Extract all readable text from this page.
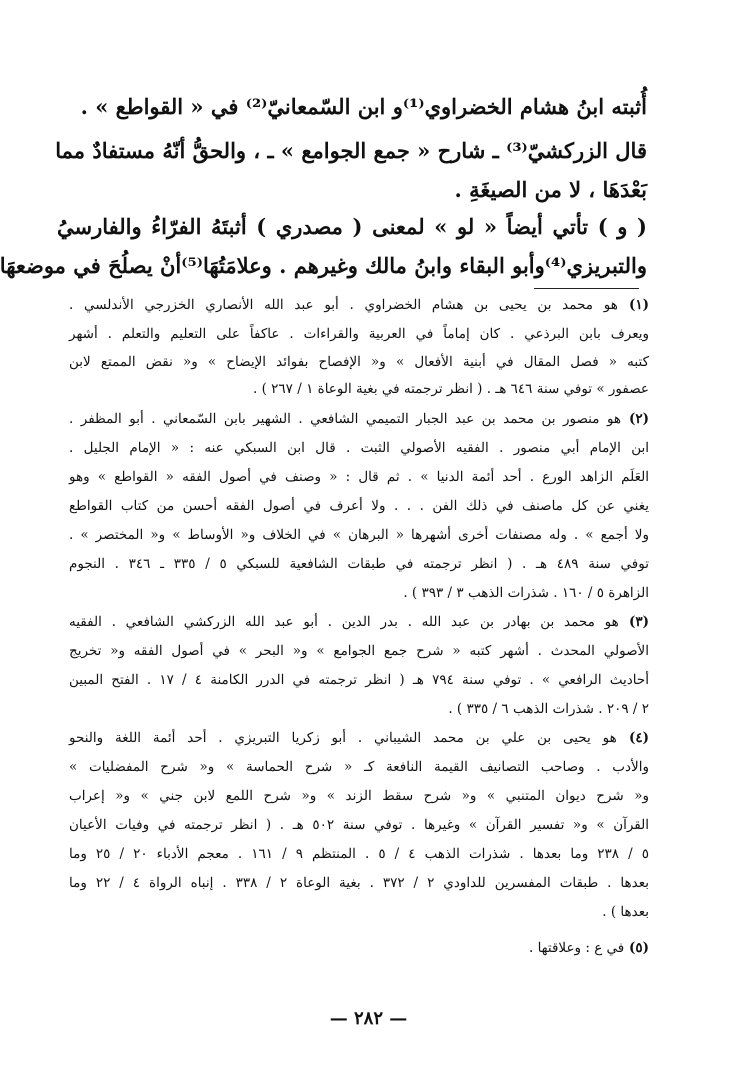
أُثبته ابنُ هشام الخضراوي⁽¹⁾و ابن السّمعانيّ⁽²⁾ في « القواطع » .
قال الزركشيّ⁽³⁾ ـ شارح « جمع الجوامع » ـ ، والحقُّ أنّهُ مستفادٌ مما
بَعْدَهَا ، لا من الصيغَةِ .
( و ) تأتي أيضاً « لو » لمعنى ( مصدري ) أثبتَهُ الفرّاءُ والفارسيُ
والتبريزي⁽⁴⁾وأبو البقاء وابنُ مالك وغيرهم . وعلامَتُهَا⁽⁵⁾أنْ يصلُحَ في موضعهَا
(١) هو محمد بن يحيى بن هشام الخضراوي . أبو عبد الله الأنصاري الخزرجي الأندلسي .
ويعرف بابن البرذعي . كان إماماً في العربية والقراءات . عاكفاً على التعليم والتعلم . أشهر
كتبه « فصل المقال في أبنية الأفعال » و« الإفصاح بفوائد الإيضاح » و« نقض الممتع لابن
عصفور » توفي سنة ٦٤٦ هـ . ( انظر ترجمته في بغية الوعاة ١ / ٢٦٧ ) .
(٢) هو منصور بن محمد بن عبد الجبار التميمي الشافعي . الشهير بابن السّمعاني . أبو المظفر .
ابن الإمام أبي منصور . الفقيه الأصولي الثبت . قال ابن السبكي عنه : « الإمام الجليل .
العَلَم الزاهد الورع . أحد أئمة الدنيا » . ثم قال : « وصنف في أصول الفقه « القواطع » وهو
يغني عن كل ماصنف في ذلك الفن . . . ولا أعرف في أصول الفقه أحسن من كتاب القواطع
ولا أجمع » . وله مصنفات أخرى أشهرها « البرهان » في الخلاف و« الأوساط » و« المختصر » .
توفي سنة ٤٨٩ هـ . ( انظر ترجمته في طبقات الشافعية للسبكي ٥ / ٣٣٥ ـ ٣٤٦ . النجوم
الزاهرة ٥ / ١٦٠ . شذرات الذهب ٣ / ٣٩٣ ) .
(٣) هو محمد بن بهادر بن عبد الله . بدر الدين . أبو عبد الله الزركشي الشافعي . الفقيه
الأصولي المحدث . أشهر كتبه « شرح جمع الجوامع » و« البحر » في أصول الفقه و« تخريج
أحاديث الرافعي » . توفي سنة ٧٩٤ هـ ( انظر ترجمته في الدرر الكامنة ٤ / ١٧ . الفتح المبين
٢ / ٢٠٩ . شذرات الذهب ٦ / ٣٣٥ ) .
(٤) هو يحيى بن علي بن محمد الشيباني . أبو زكريا التبريزي . أحد أئمة اللغة والنحو
والأدب . وصاحب التصانيف القيمة النافعة كـ « شرح الحماسة » و« شرح المفضليات »
و« شرح ديوان المتنبي » و« شرح سقط الزند » و« شرح اللمع لابن جني » و« إعراب
القرآن » و« تفسير القرآن » وغيرها . توفي سنة ٥٠٢ هـ . ( انظر ترجمته في وفيات الأعيان
٥ / ٢٣٨ وما بعدها . شذرات الذهب ٤ / ٥ . المنتظم ٩ / ١٦١ . معجم الأدباء ٢٠ / ٢٥ وما
بعدها . طبقات المفسرين للداودي ٢ / ٣٧٢ . بغية الوعاة ٢ / ٣٣٨ . إنباه الرواة ٤ / ٢٢ وما
بعدها ) .
(٥) في ع : وعلاقتها .
— ٢٨٢ —
